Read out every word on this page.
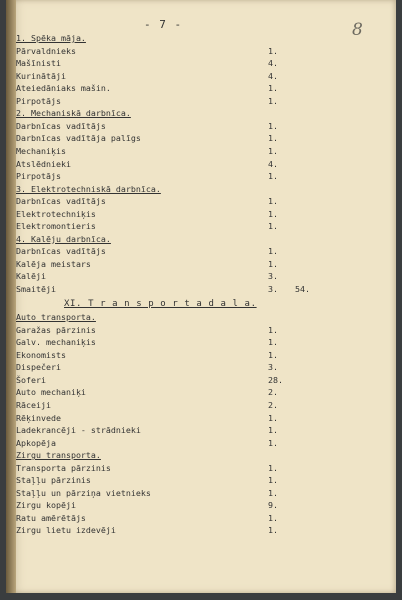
- 7 -	8
1. Spēka māja.
Pārvaldnieks	1.
Mašīnisti	4.
Kurinātāji	4.
Ateiedāniaks mašin.	1.
Pirpotājs	1.
2. Mechaniskā darbnīca.
Darbnīcas vadītājs	1.
Darbnīcas vadītāja palīgs	1.
Mechaniķis	1.
Atslēdnieki	4.
Pirpotājs	1.
3. Elektrotechniskā darbnīca.
Darbnīcas vadītājs	1.
Elektrotechniķis	1.
Elektromontieris	1.
4. Kalēju darbnīca.
Darbnīcas vadītājs	1.
Kalēja meistars	1.
Kalēji	3.
Smaitēji	3. 54.
XI. T r a n s p o r t a d a l a.
Auto transporta.
Garažas pārzinis	1.
Galv. mechaniķis	1.
Ekonomists	1.
Dispečeri	3.
Šoferi	28.
Auto mechaniķi	2.
Rāceiji	2.
Rēķinvede	1.
Ladekrancēji - strādnieki	1.
Apkopēja	1.
Zirgu transporta.
Transporta pārzinis	1.
Staļļu pārzinis	1.
Staļļu un pārziņa vietnieks	1.
Zirgu kopēji	9.
Ratu amērētājs	1.
Zirgu lietu izdevēji	1.
